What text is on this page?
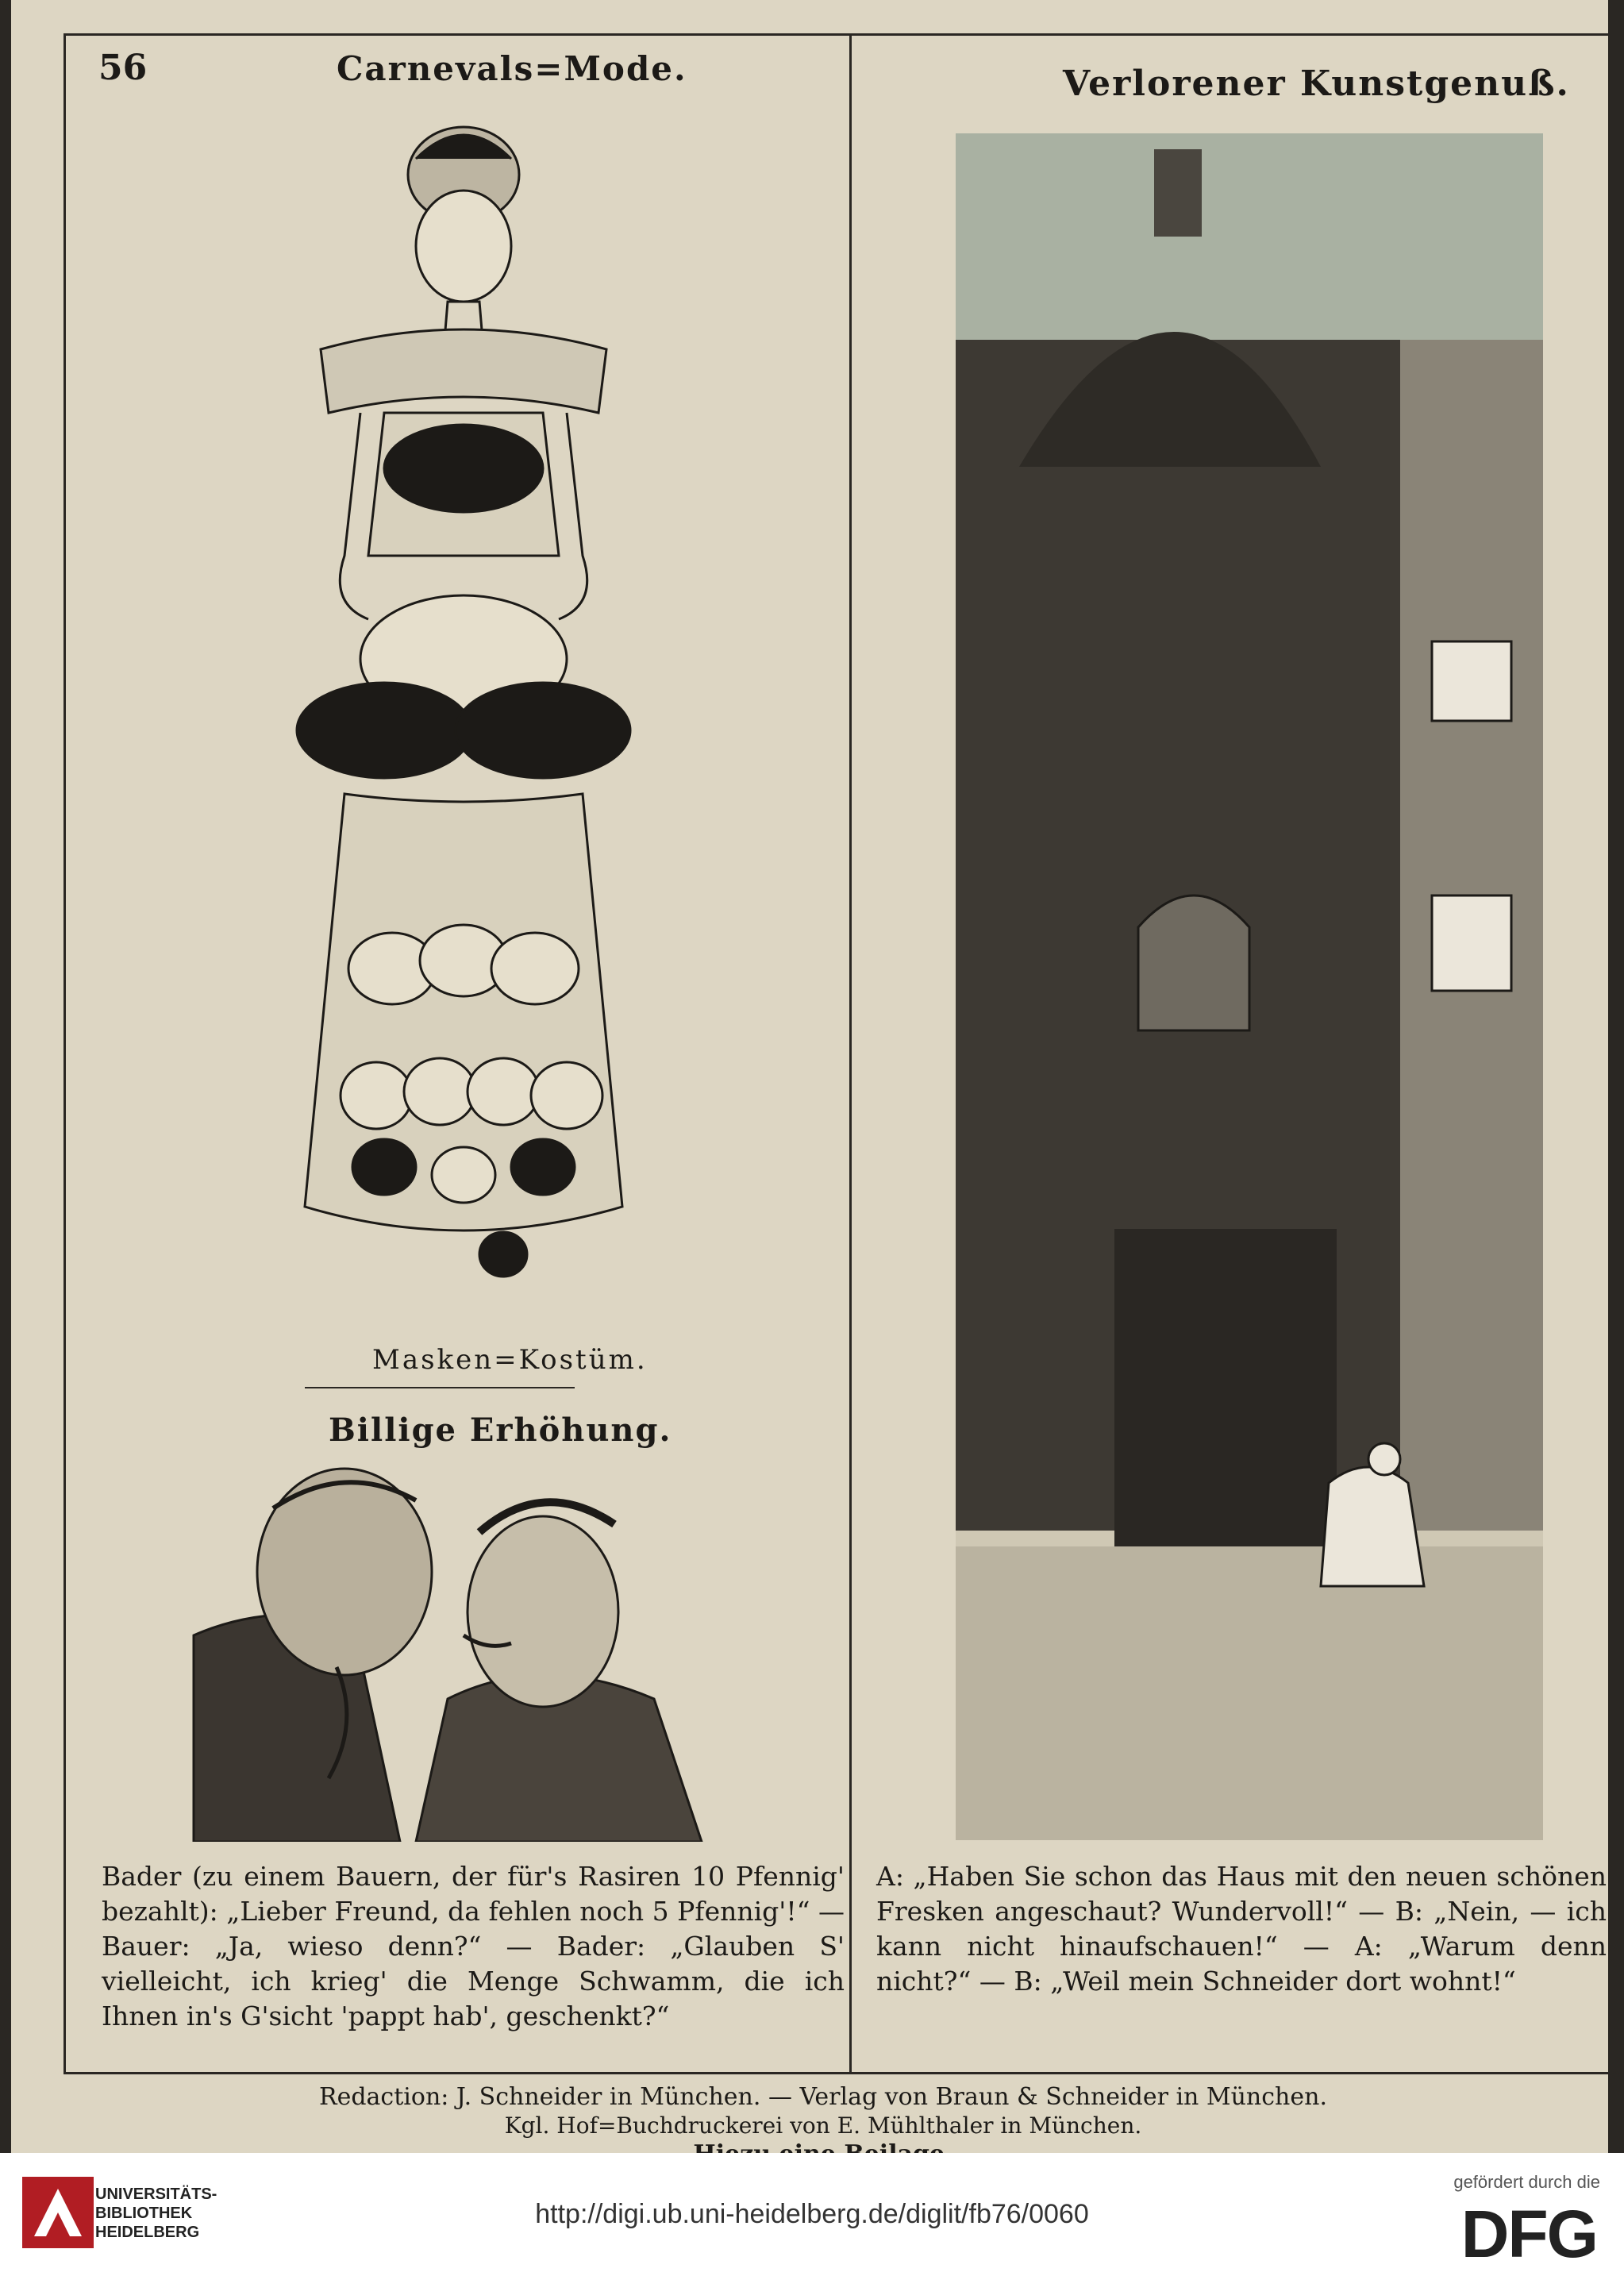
56	Carnevals=Mode.	Verlorener Kunstgenuß.
Masken=Kostüm.
Billige Erhöhung.
Bader (zu einem Bauern, der für's Rasiren 10 Pfennig' bezahlt): „Lieber Freund, da fehlen noch 5 Pfennig'!“ — Bauer: „Ja, wieso denn?“ — Bader: „Glauben S' vielleicht, ich krieg' die Menge Schwamm, die ich Ihnen in's G'sicht 'pappt hab', geschenkt?“
A: „Haben Sie schon das Haus mit den neuen schönen Fresken angeschaut? Wundervoll!“ — B: „Nein, — ich kann nicht hinaufschauen!“ — A: „Warum denn nicht?“ — B: „Weil mein Schneider dort wohnt!“
Redaction: J. Schneider in München. — Verlag von Braun & Schneider in München.
Kgl. Hof=Buchdruckerei von E. Mühlthaler in München.
UNIVERSITÄTS-
BIBLIOTHEK
HEIDELBERG
http://digi.ub.uni-heidelberg.de/diglit/fb76/0060
gefördert durch die
DFG
